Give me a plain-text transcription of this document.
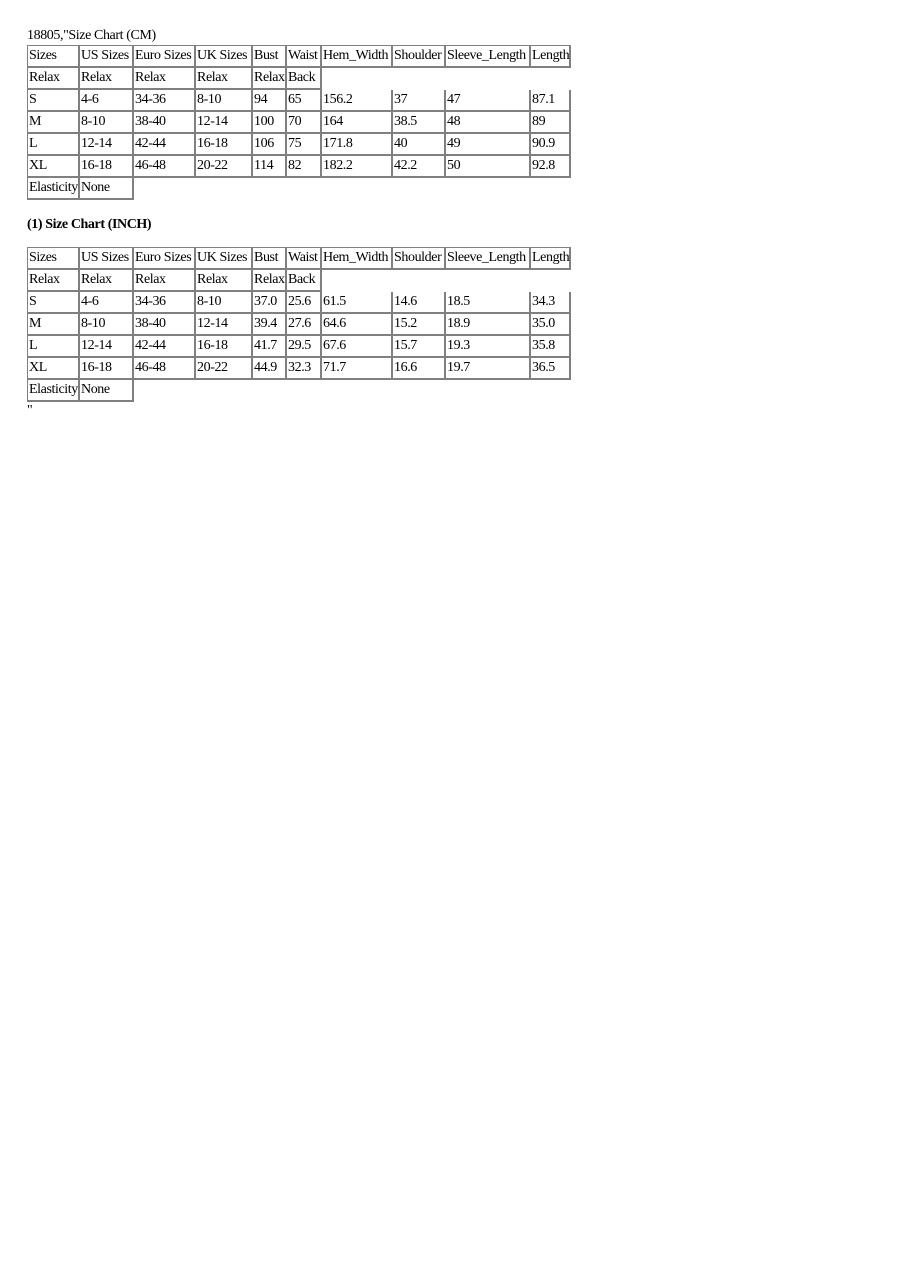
18805,"Size Chart (CM)
Sizes	US Sizes	Euro Sizes	UK Sizes	Bust	Waist	Hem_Width	Shoulder	Sleeve_Length	Length
Relax	Relax	Relax	Relax	Relax	Back				
S	4-6	34-36	8-10	94	65	156.2	37	47	87.1
M	8-10	38-40	12-14	100	70	164	38.5	48	89
L	12-14	42-44	16-18	106	75	171.8	40	49	90.9
XL	16-18	46-48	20-22	114	82	182.2	42.2	50	92.8
Elasticity	None								
(1) Size Chart (INCH)
Sizes	US Sizes	Euro Sizes	UK Sizes	Bust	Waist	Hem_Width	Shoulder	Sleeve_Length	Length
Relax	Relax	Relax	Relax	Relax	Back				
S	4-6	34-36	8-10	37.0	25.6	61.5	14.6	18.5	34.3
M	8-10	38-40	12-14	39.4	27.6	64.6	15.2	18.9	35.0
L	12-14	42-44	16-18	41.7	29.5	67.6	15.7	19.3	35.8
XL	16-18	46-48	20-22	44.9	32.3	71.7	16.6	19.7	36.5
Elasticity	None								
"
